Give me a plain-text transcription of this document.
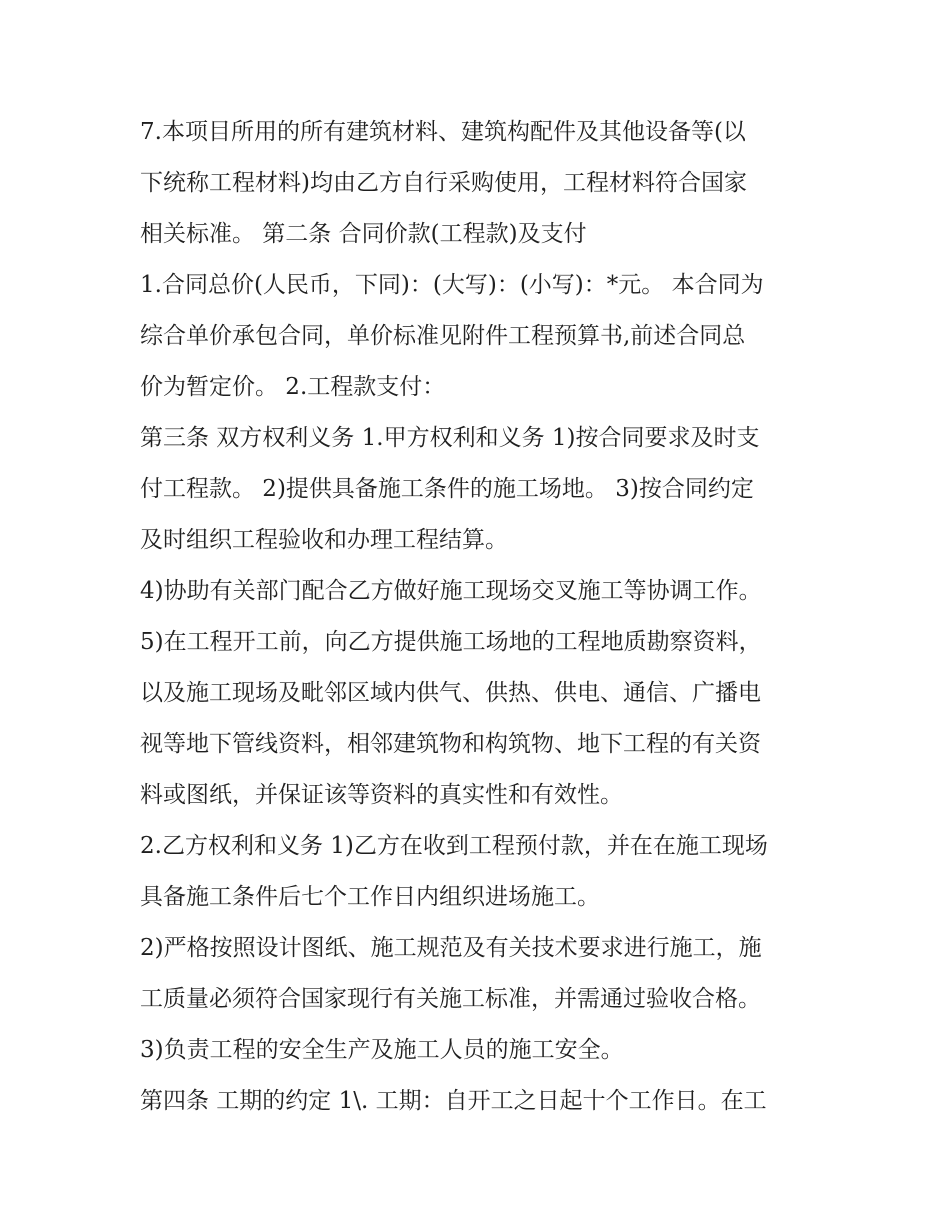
7.本项目所用的所有建筑材料、建筑构配件及其他设备等(以

下统称工程材料)均由乙方自行采购使用，工程材料符合国家

相关标准。 第二条 合同价款(工程款)及支付

1.合同总价(人民币，下同)：(大写)：(小写)：*元。 本合同为

综合单价承包合同，单价标准见附件工程预算书,前述合同总

价为暂定价。 2.工程款支付：

第三条 双方权利义务 1.甲方权利和义务 1)按合同要求及时支

付工程款。 2)提供具备施工条件的施工场地。 3)按合同约定

及时组织工程验收和办理工程结算。

4)协助有关部门配合乙方做好施工现场交叉施工等协调工作。

5)在工程开工前，向乙方提供施工场地的工程地质勘察资料，

以及施工现场及毗邻区域内供气、供热、供电、通信、广播电

视等地下管线资料，相邻建筑物和构筑物、地下工程的有关资

料或图纸，并保证该等资料的真实性和有效性。

2.乙方权利和义务 1)乙方在收到工程预付款，并在在施工现场

具备施工条件后七个工作日内组织进场施工。

2)严格按照设计图纸、施工规范及有关技术要求进行施工，施

工质量必须符合国家现行有关施工标准，并需通过验收合格。

3)负责工程的安全生产及施工人员的施工安全。

第四条 工期的约定 1\. 工期：自开工之日起十个工作日。在工
